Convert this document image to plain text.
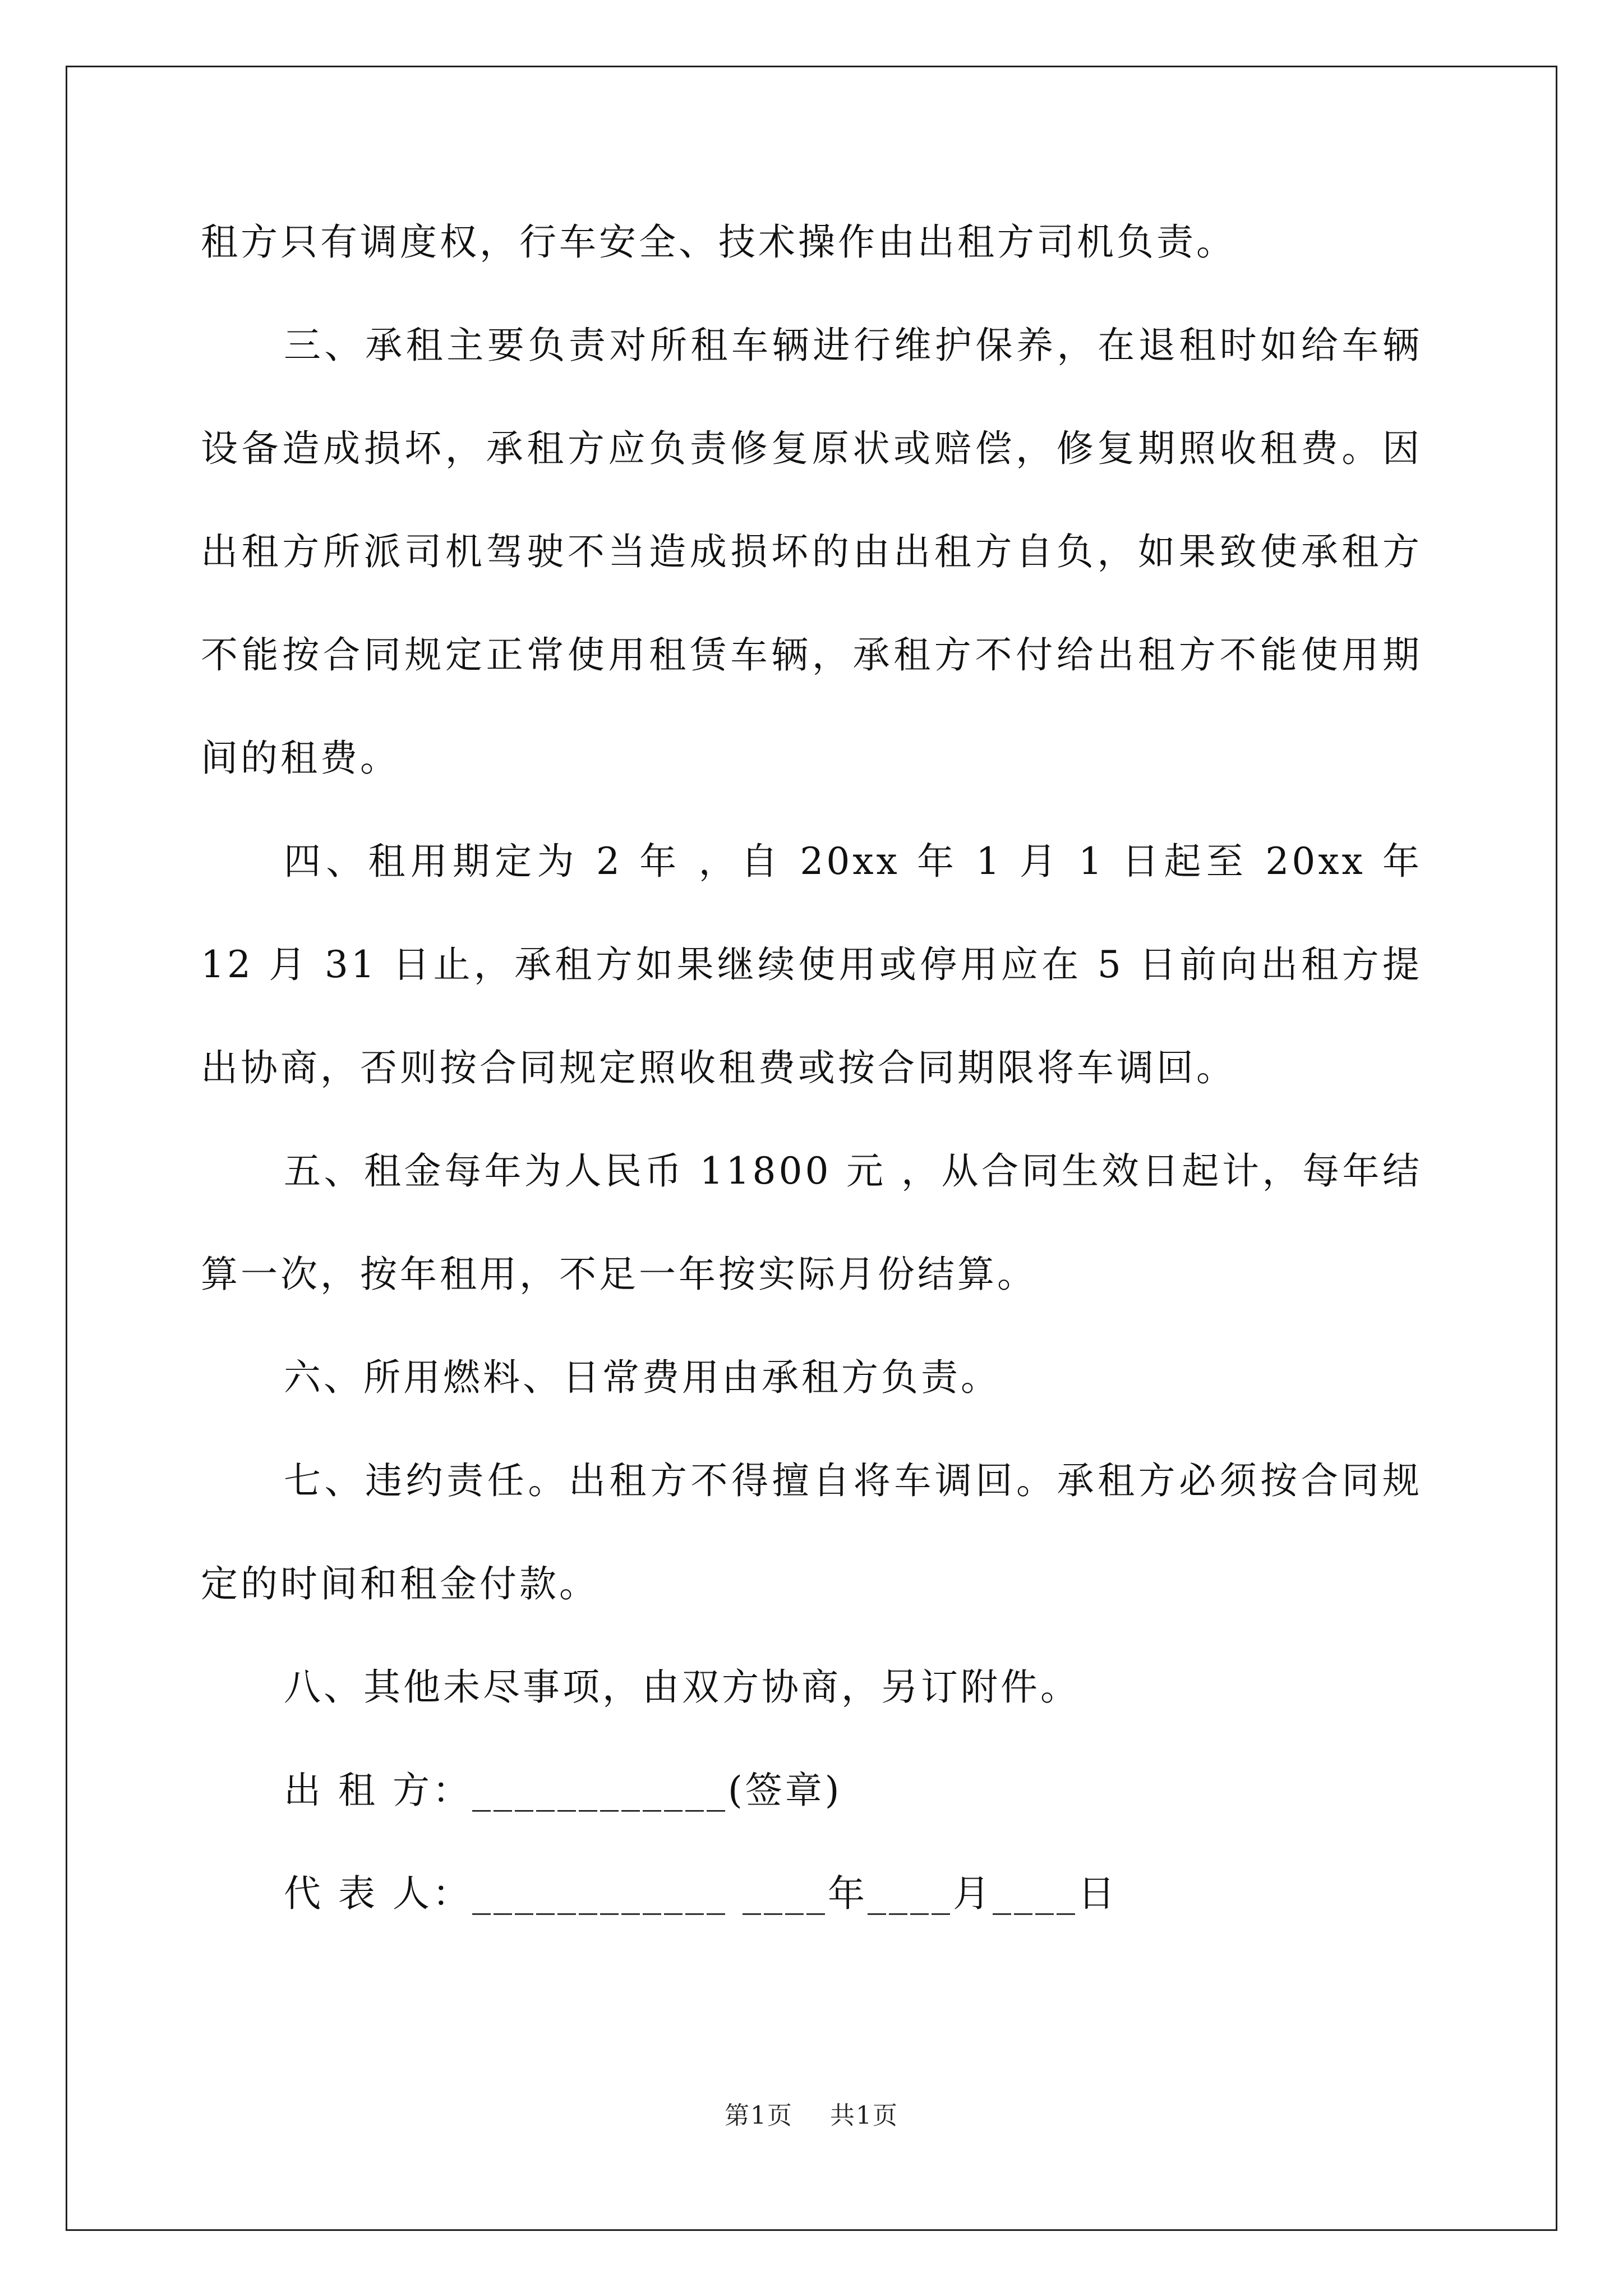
租方只有调度权，行车安全、技术操作由出租方司机负责。

三、承租主要负责对所租车辆进行维护保养，在退租时如给车辆设备造成损坏，承租方应负责修复原状或赔偿，修复期照收租费。因出租方所派司机驾驶不当造成损坏的由出租方自负，如果致使承租方不能按合同规定正常使用租赁车辆，承租方不付给出租方不能使用期间的租费。

四、租用期定为 2 年 ，自 20xx 年 1 月 1 日起至 20xx 年 12 月 31 日止，承租方如果继续使用或停用应在 5 日前向出租方提出协商，否则按合同规定照收租费或按合同期限将车调回。

五、租金每年为人民币 11800 元 ，从合同生效日起计，每年结算一次，按年租用，不足一年按实际月份结算。

六、所用燃料、日常费用由承租方负责。

七、违约责任。出租方不得擅自将车调回。承租方必须按合同规定的时间和租金付款。

八、其他未尽事项，由双方协商，另订附件。

出 租 方：____________(签章)

代 表 人：____________ ____年____月____日

第1页 共1页
